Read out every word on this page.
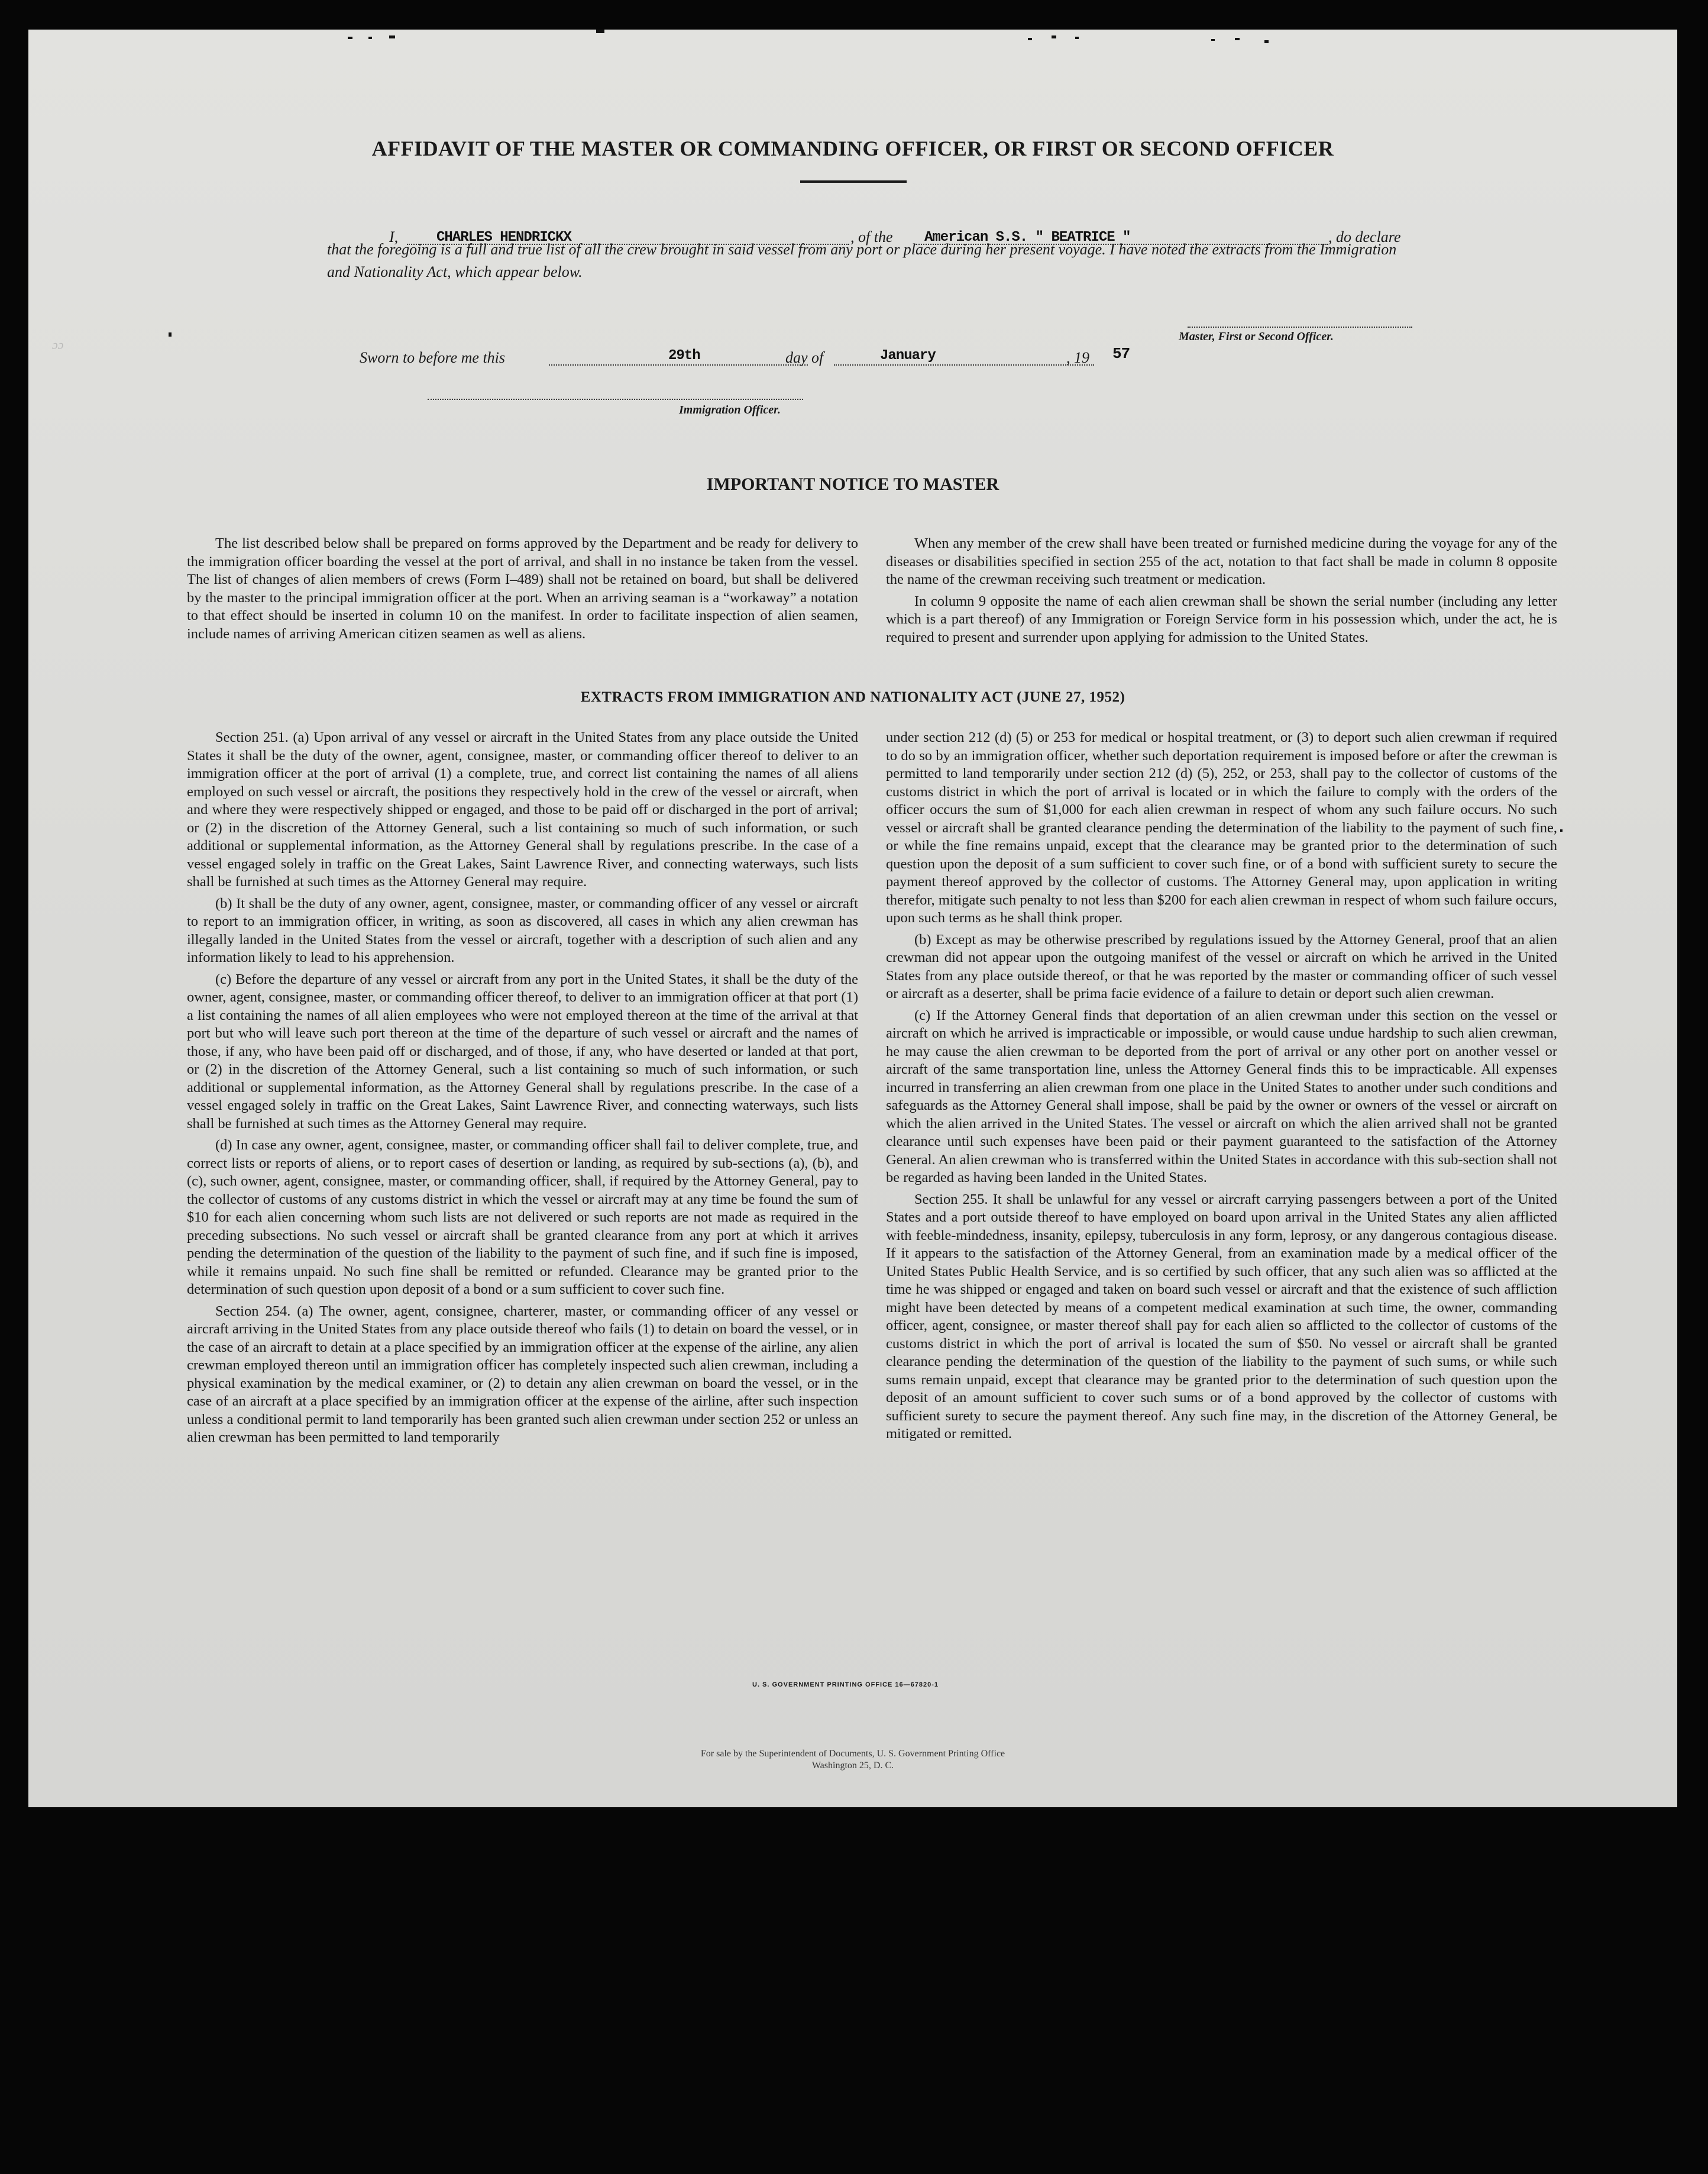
AFFIDAVIT OF THE MASTER OR COMMANDING OFFICER, OR FIRST OR SECOND OFFICER
I,	CHARLES HENDRICKX	, of the American S.S. " BEATRICE "	, do declare
that the foregoing is a full and true list of all the crew brought in said vessel from any port or place during her present voyage. I have noted the extracts from the Immigration and Nationality Act, which appear below.
Master, First or Second Officer.
Sworn to before me this	29th	day of	January	, 19 57
Immigration Officer.
ɔɔ
IMPORTANT NOTICE TO MASTER

The list described below shall be prepared on forms approved by the Department and be ready for delivery to the immigration officer boarding the vessel at the port of arrival, and shall in no instance be taken from the vessel. The list of changes of alien members of crews (Form I–489) shall not be retained on board, but shall be delivered by the master to the principal immigration officer at the port. When an arriving seaman is a “workaway” a notation to that effect should be inserted in column 10 on the manifest. In order to facilitate inspection of alien seamen, include names of arriving American citizen seamen as well as aliens.

When any member of the crew shall have been treated or furnished medicine during the voyage for any of the diseases or disabilities specified in section 255 of the act, notation to that fact shall be made in column 8 opposite the name of the crewman receiving such treatment or medication.

In column 9 opposite the name of each alien crewman shall be shown the serial number (including any letter which is a part thereof) of any Immigration or Foreign Service form in his possession which, under the act, he is required to present and surrender upon applying for admission to the United States.

EXTRACTS FROM IMMIGRATION AND NATIONALITY ACT (JUNE 27, 1952)

Section 251. (a) Upon arrival of any vessel or aircraft in the United States from any place outside the United States it shall be the duty of the owner, agent, consignee, master, or commanding officer thereof to deliver to an immigration officer at the port of arrival (1) a complete, true, and correct list containing the names of all aliens employed on such vessel or aircraft, the positions they respectively hold in the crew of the vessel or aircraft, when and where they were respectively shipped or engaged, and those to be paid off or discharged in the port of arrival; or (2) in the discretion of the Attorney General, such a list containing so much of such information, or such additional or supplemental information, as the Attorney General shall by regulations prescribe. In the case of a vessel engaged solely in traffic on the Great Lakes, Saint Lawrence River, and connecting waterways, such lists shall be furnished at such times as the Attorney General may require.

(b) It shall be the duty of any owner, agent, consignee, master, or commanding officer of any vessel or aircraft to report to an immigration officer, in writing, as soon as discovered, all cases in which any alien crewman has illegally landed in the United States from the vessel or aircraft, together with a description of such alien and any information likely to lead to his apprehension.

(c) Before the departure of any vessel or aircraft from any port in the United States, it shall be the duty of the owner, agent, consignee, master, or commanding officer thereof, to deliver to an immigration officer at that port (1) a list containing the names of all alien employees who were not employed thereon at the time of the arrival at that port but who will leave such port thereon at the time of the departure of such vessel or aircraft and the names of those, if any, who have been paid off or discharged, and of those, if any, who have deserted or landed at that port, or (2) in the discretion of the Attorney General, such a list containing so much of such information, or such additional or supplemental information, as the Attorney General shall by regulations prescribe. In the case of a vessel engaged solely in traffic on the Great Lakes, Saint Lawrence River, and connecting waterways, such lists shall be furnished at such times as the Attorney General may require.

(d) In case any owner, agent, consignee, master, or commanding officer shall fail to deliver complete, true, and correct lists or reports of aliens, or to report cases of desertion or landing, as required by sub-sections (a), (b), and (c), such owner, agent, consignee, master, or commanding officer, shall, if required by the Attorney General, pay to the collector of customs of any customs district in which the vessel or aircraft may at any time be found the sum of $10 for each alien concerning whom such lists are not delivered or such reports are not made as required in the preceding subsections. No such vessel or aircraft shall be granted clearance from any port at which it arrives pending the determination of the question of the liability to the payment of such fine, and if such fine is imposed, while it remains unpaid. No such fine shall be remitted or refunded. Clearance may be granted prior to the determination of such question upon deposit of a bond or a sum sufficient to cover such fine.

Section 254. (a) The owner, agent, consignee, charterer, master, or commanding officer of any vessel or aircraft arriving in the United States from any place outside thereof who fails (1) to detain on board the vessel, or in the case of an aircraft to detain at a place specified by an immigration officer at the expense of the airline, any alien crewman employed thereon until an immigration officer has completely inspected such alien crewman, including a physical examination by the medical examiner, or (2) to detain any alien crewman on board the vessel, or in the case of an aircraft at a place specified by an immigration officer at the expense of the airline, after such inspection unless a conditional permit to land temporarily has been granted such alien crewman under section 252 or unless an alien crewman has been permitted to land temporarily

under section 212 (d) (5) or 253 for medical or hospital treatment, or (3) to deport such alien crewman if required to do so by an immigration officer, whether such deportation requirement is imposed before or after the crewman is permitted to land temporarily under section 212 (d) (5), 252, or 253, shall pay to the collector of customs of the customs district in which the port of arrival is located or in which the failure to comply with the orders of the officer occurs the sum of $1,000 for each alien crewman in respect of whom any such failure occurs. No such vessel or aircraft shall be granted clearance pending the determination of the liability to the payment of such fine, or while the fine remains unpaid, except that the clearance may be granted prior to the determination of such question upon the deposit of a sum sufficient to cover such fine, or of a bond with sufficient surety to secure the payment thereof approved by the collector of customs. The Attorney General may, upon application in writing therefor, mitigate such penalty to not less than $200 for each alien crewman in respect of whom such failure occurs, upon such terms as he shall think proper.

(b) Except as may be otherwise prescribed by regulations issued by the Attorney General, proof that an alien crewman did not appear upon the outgoing manifest of the vessel or aircraft on which he arrived in the United States from any place outside thereof, or that he was reported by the master or commanding officer of such vessel or aircraft as a deserter, shall be prima facie evidence of a failure to detain or deport such alien crewman.

(c) If the Attorney General finds that deportation of an alien crewman under this section on the vessel or aircraft on which he arrived is impracticable or impossible, or would cause undue hardship to such alien crewman, he may cause the alien crewman to be deported from the port of arrival or any other port on another vessel or aircraft of the same transportation line, unless the Attorney General finds this to be impracticable. All expenses incurred in transferring an alien crewman from one place in the United States to another under such conditions and safeguards as the Attorney General shall impose, shall be paid by the owner or owners of the vessel or aircraft on which the alien arrived in the United States. The vessel or aircraft on which the alien arrived shall not be granted clearance until such expenses have been paid or their payment guaranteed to the satisfaction of the Attorney General. An alien crewman who is transferred within the United States in accordance with this sub-section shall not be regarded as having been landed in the United States.

Section 255. It shall be unlawful for any vessel or aircraft carrying passengers between a port of the United States and a port outside thereof to have employed on board upon arrival in the United States any alien afflicted with feeble-mindedness, insanity, epilepsy, tuberculosis in any form, leprosy, or any dangerous contagious disease. If it appears to the satisfaction of the Attorney General, from an examination made by a medical officer of the United States Public Health Service, and is so certified by such officer, that any such alien was so afflicted at the time he was shipped or engaged and taken on board such vessel or aircraft and that the existence of such affliction might have been detected by means of a competent medical examination at such time, the owner, commanding officer, agent, consignee, or master thereof shall pay for each alien so afflicted to the collector of customs of the customs district in which the port of arrival is located the sum of $50. No vessel or aircraft shall be granted clearance pending the determination of the question of the liability to the payment of such sums, or while such sums remain unpaid, except that clearance may be granted prior to the determination of such question upon the deposit of an amount sufficient to cover such sums or of a bond approved by the collector of customs with sufficient surety to secure the payment thereof. Any such fine may, in the discretion of the Attorney General, be mitigated or remitted.

U. S. GOVERNMENT PRINTING OFFICE 16—67820-1
For sale by the Superintendent of Documents, U. S. Government Printing Office
Washington 25, D. C.
